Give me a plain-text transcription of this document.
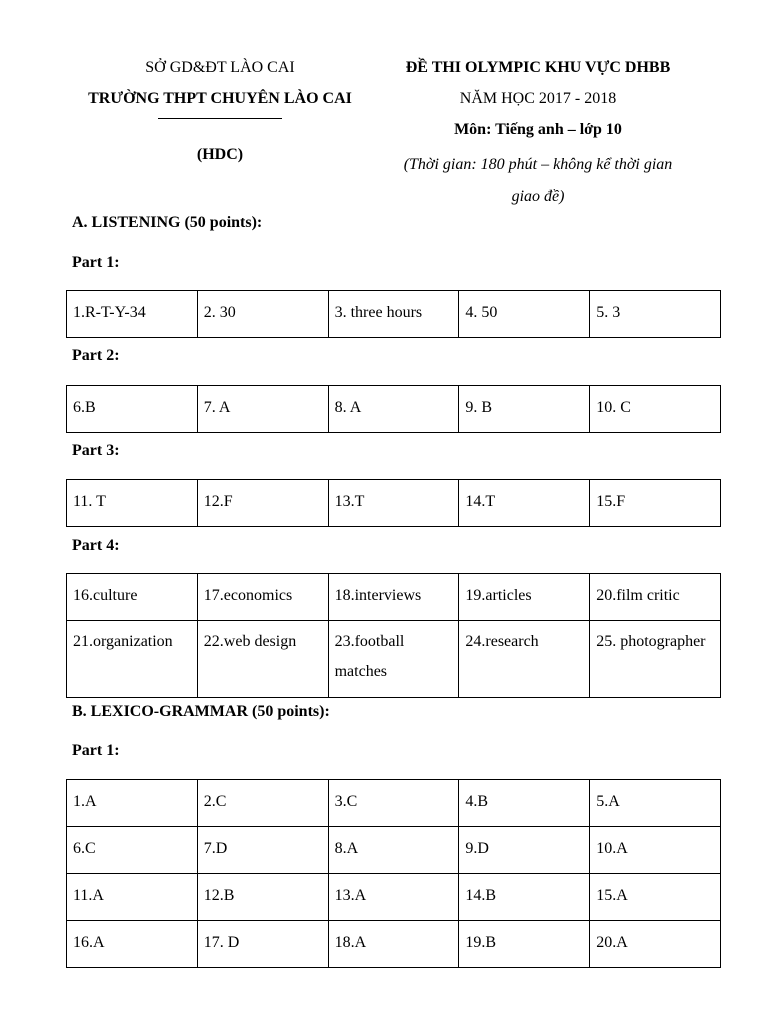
SỞ GD&ĐT LÀO CAI
TRƯỜNG THPT CHUYÊN LÀO CAI
(HDC)
ĐỀ THI OLYMPIC KHU VỰC DHBB
NĂM HỌC 2017 - 2018
Môn: Tiếng anh – lớp 10
(Thời gian: 180 phút – không kể thời gian
giao đề)
A. LISTENING (50 points):
Part 1:
1.R-T-Y-34	2. 30	3. three hours	4. 50	5. 3
Part 2:
6.B	7. A	8. A	9. B	10. C
Part 3:
11. T	12.F	13.T	14.T	15.F
Part 4:
16.culture	17.economics	18.interviews	19.articles	20.film critic
21.organization	22.web design	23.football matches	24.research	25. photographer
B. LEXICO-GRAMMAR (50 points):
Part 1:
1.A	2.C	3.C	4.B	5.A
6.C	7.D	8.A	9.D	10.A
11.A	12.B	13.A	14.B	15.A
16.A	17. D	18.A	19.B	20.A
